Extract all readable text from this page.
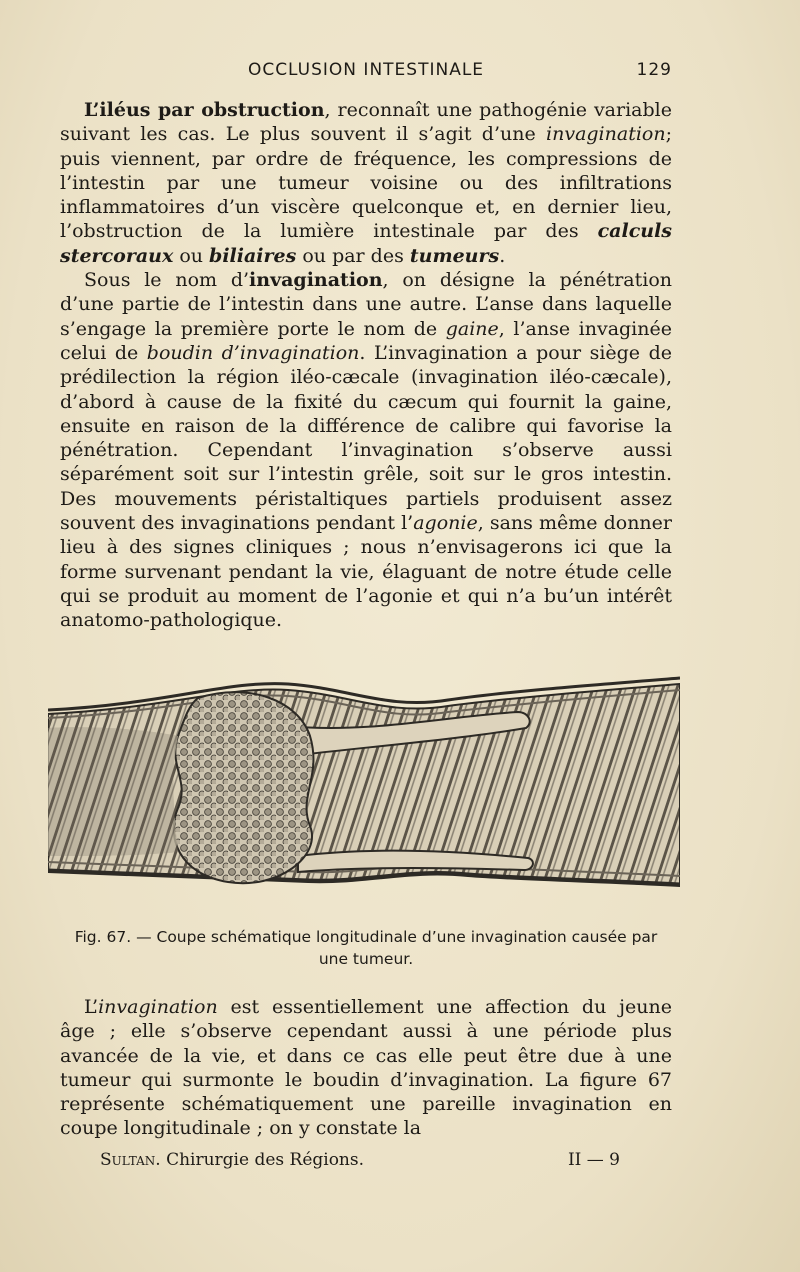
OCCLUSION INTESTINALE	129

L’iléus par obstruction, reconnaît une pathogénie variable suivant les cas. Le plus souvent il s’agit d’une invagination; puis viennent, par ordre de fréquence, les compressions de l’intestin par une tumeur voisine ou des infiltrations inflammatoires d’un viscère quelconque et, en dernier lieu, l’obstruction de la lumière intestinale par des calculs stercoraux ou biliaires ou par des tumeurs.

Sous le nom d’invagination, on désigne la pénétration d’une partie de l’intestin dans une autre. L’anse dans laquelle s’engage la première porte le nom de gaine, l’anse invaginée celui de boudin d’invagination. L’invagination a pour siège de prédilection la région iléo-cæcale (invagination iléo-cæcale), d’abord à cause de la fixité du cæcum qui fournit la gaine, ensuite en raison de la différence de calibre qui favorise la pénétration. Cependant l’invagination s’observe aussi séparément soit sur l’intestin grêle, soit sur le gros intestin. Des mouvements péristaltiques partiels produisent assez souvent des invaginations pendant l’agonie, sans même donner lieu à des signes cliniques ; nous n’envisagerons ici que la forme survenant pendant la vie, élaguant de notre étude celle qui se produit au moment de l’agonie et qui n’a bu’un intérêt anatomo-pathologique.

Fig. 67. — Coupe schématique longitudinale d’une invagination causée par une tumeur.

L’invagination est essentiellement une affection du jeune âge ; elle s’observe cependant aussi à une période plus avancée de la vie, et dans ce cas elle peut être due à une tumeur qui surmonte le boudin d’invagination. La figure 67 représente schématiquement une pareille invagination en coupe longitudinale ; on y constate la

Sultan. Chirurgie des Régions.	II — 9
